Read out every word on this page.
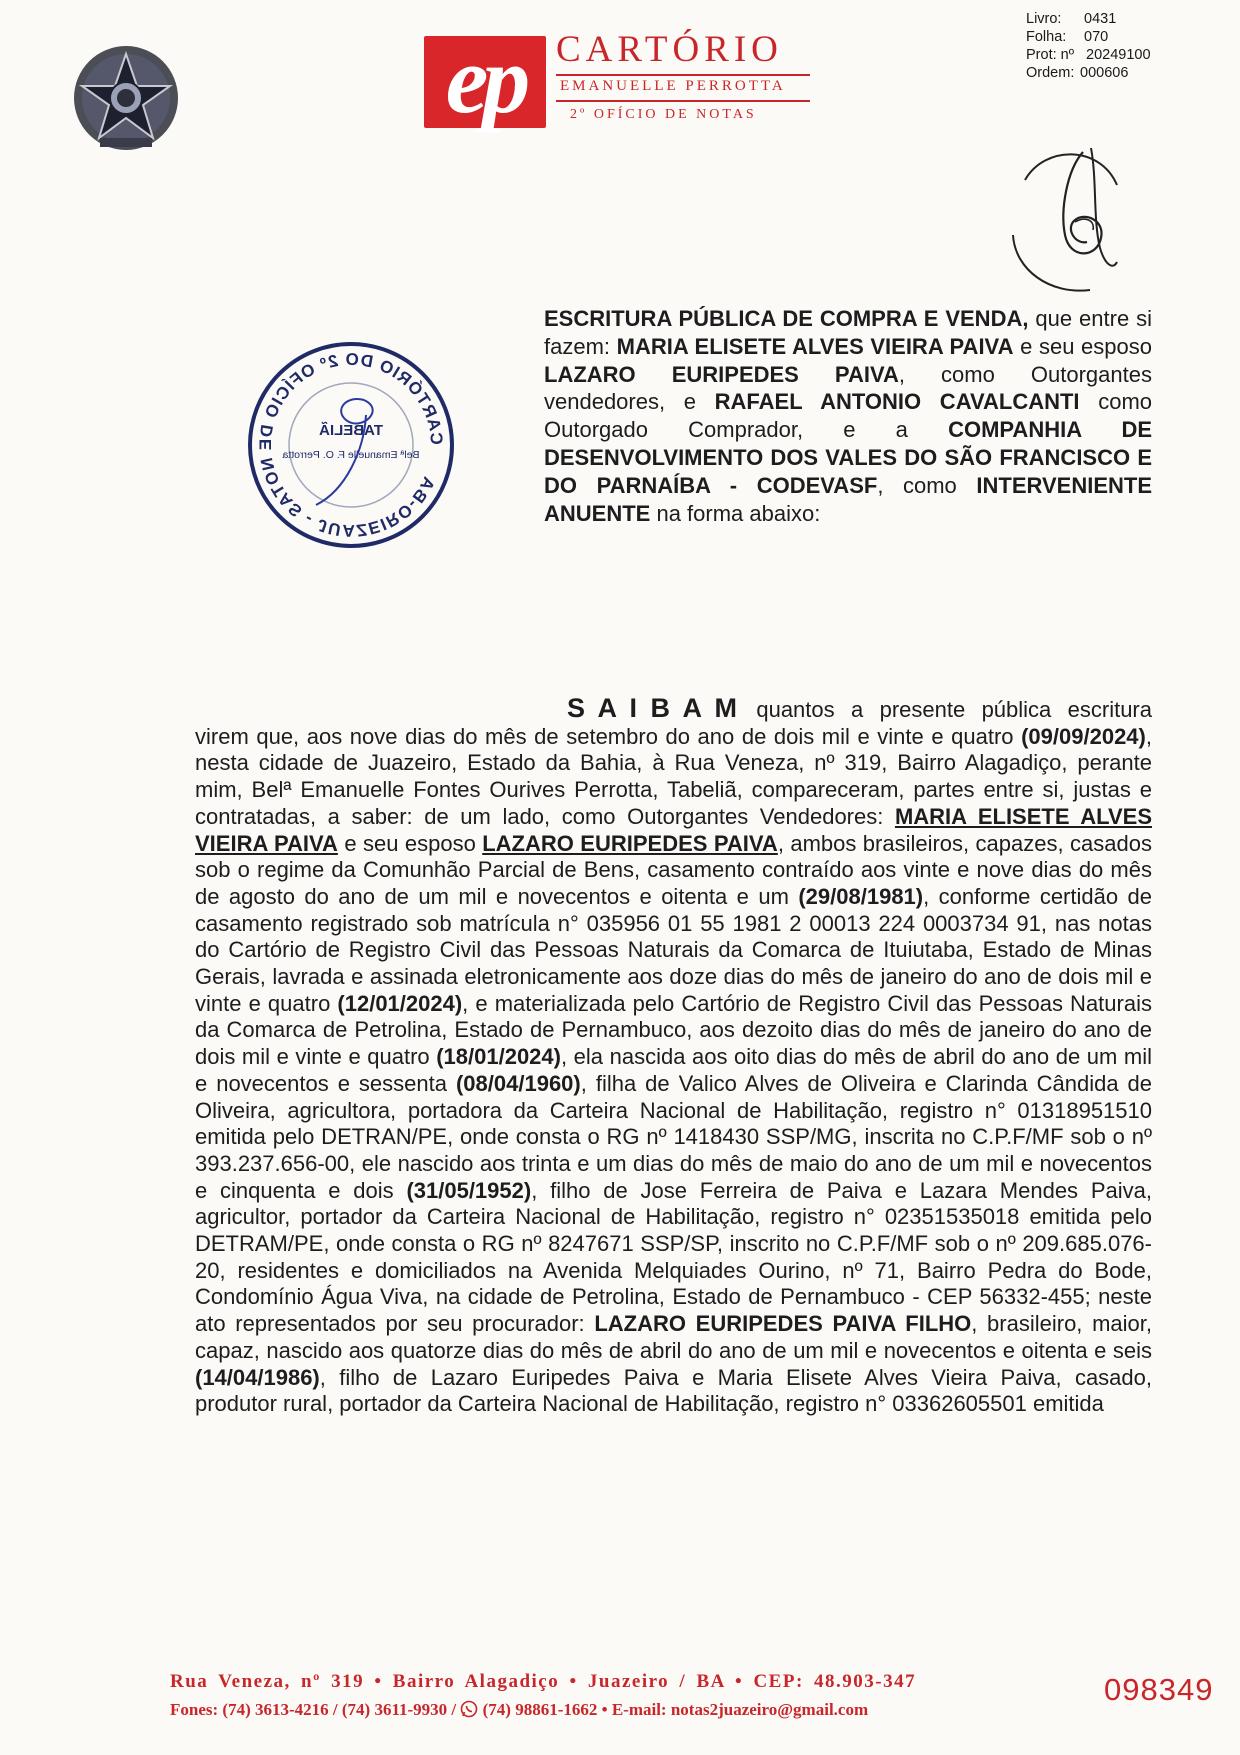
ep CARTÓRIO
EMANUELLE PERROTTA
2º OFÍCIO DE NOTAS
Livro:	0431
Folha:	070
Prot: nº 20249100
Ordem: 000606
CARTÓRIO DO 2º OFÍCIO DE NOTAS - JUAZEIRO-BA
TABELIÃ
Belª Emanuelle F. O. Perrotta
ESCRITURA PÚBLICA DE COMPRA E VENDA, que entre si fazem: MARIA ELISETE ALVES VIEIRA PAIVA e seu esposo LAZARO EURIPEDES PAIVA, como Outorgantes vendedores, e RAFAEL ANTONIO CAVALCANTI como Outorgado Comprador, e a COMPANHIA DE DESENVOLVIMENTO DOS VALES DO SÃO FRANCISCO E DO PARNAÍBA - CODEVASF, como INTERVENIENTE ANUENTE na forma abaixo:

S A I B A M quantos a presente pública escritura virem que, aos nove dias do mês de setembro do ano de dois mil e vinte e quatro (09/09/2024), nesta cidade de Juazeiro, Estado da Bahia, à Rua Veneza, nº 319, Bairro Alagadiço, perante mim, Belª Emanuelle Fontes Ourives Perrotta, Tabeliã, compareceram, partes entre si, justas e contratadas, a saber: de um lado, como Outorgantes Vendedores: MARIA ELISETE ALVES VIEIRA PAIVA e seu esposo LAZARO EURIPEDES PAIVA, ambos brasileiros, capazes, casados sob o regime da Comunhão Parcial de Bens, casamento contraído aos vinte e nove dias do mês de agosto do ano de um mil e novecentos e oitenta e um (29/08/1981), conforme certidão de casamento registrado sob matrícula n° 035956 01 55 1981 2 00013 224 0003734 91, nas notas do Cartório de Registro Civil das Pessoas Naturais da Comarca de Ituiutaba, Estado de Minas Gerais, lavrada e assinada eletronicamente aos doze dias do mês de janeiro do ano de dois mil e vinte e quatro (12/01/2024), e materializada pelo Cartório de Registro Civil das Pessoas Naturais da Comarca de Petrolina, Estado de Pernambuco, aos dezoito dias do mês de janeiro do ano de dois mil e vinte e quatro (18/01/2024), ela nascida aos oito dias do mês de abril do ano de um mil e novecentos e sessenta (08/04/1960), filha de Valico Alves de Oliveira e Clarinda Cândida de Oliveira, agricultora, portadora da Carteira Nacional de Habilitação, registro n° 01318951510 emitida pelo DETRAN/PE, onde consta o RG nº 1418430 SSP/MG, inscrita no C.P.F/MF sob o nº 393.237.656-00, ele nascido aos trinta e um dias do mês de maio do ano de um mil e novecentos e cinquenta e dois (31/05/1952), filho de Jose Ferreira de Paiva e Lazara Mendes Paiva, agricultor, portador da Carteira Nacional de Habilitação, registro n° 02351535018 emitida pelo DETRAM/PE, onde consta o RG nº 8247671 SSP/SP, inscrito no C.P.F/MF sob o nº 209.685.076-20, residentes e domiciliados na Avenida Melquiades Ourino, nº 71, Bairro Pedra do Bode, Condomínio Água Viva, na cidade de Petrolina, Estado de Pernambuco - CEP 56332-455; neste ato representados por seu procurador: LAZARO EURIPEDES PAIVA FILHO, brasileiro, maior, capaz, nascido aos quatorze dias do mês de abril do ano de um mil e novecentos e oitenta e seis (14/04/1986), filho de Lazaro Euripedes Paiva e Maria Elisete Alves Vieira Paiva, casado, produtor rural, portador da Carteira Nacional de Habilitação, registro n° 03362605501 emitida

Rua Veneza, nº 319 • Bairro Alagadiço • Juazeiro / BA • CEP: 48.903-347
Fones: (74) 3613-4216 / (74) 3611-9930 /  (74) 98861-1662 • E-mail: notas2juazeiro@gmail.com
098349
